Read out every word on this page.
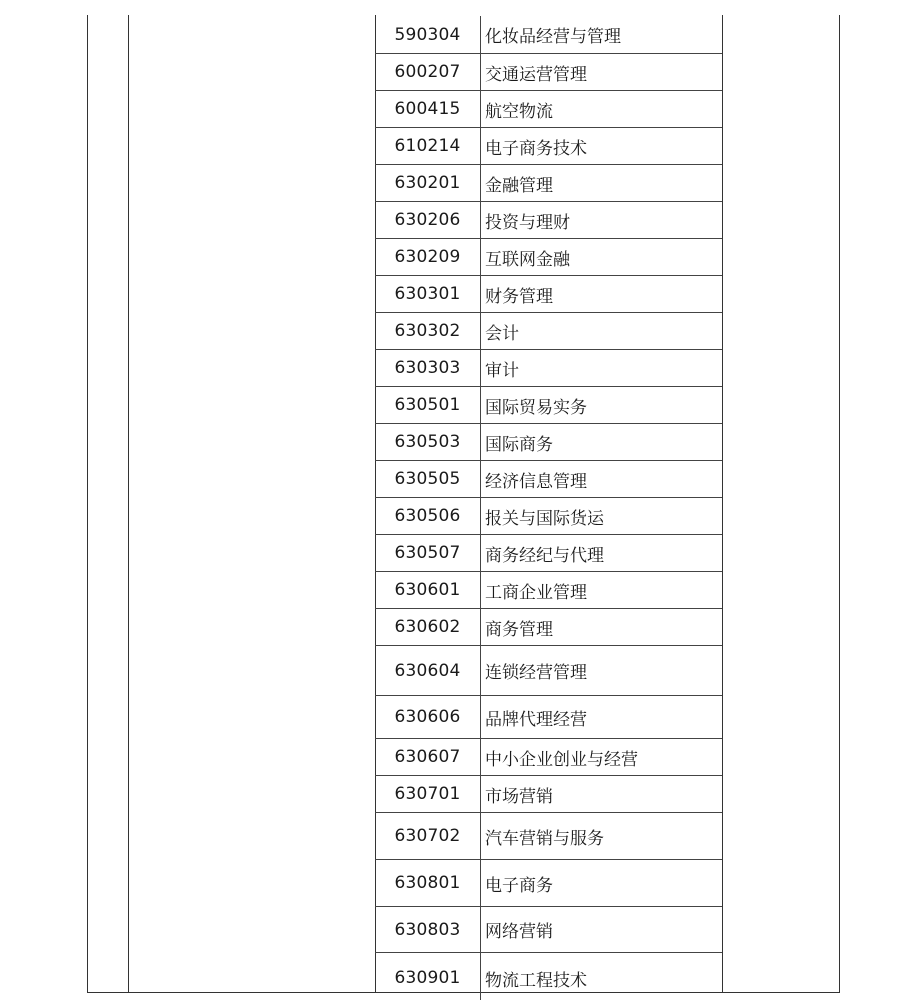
590304	化妆品经营与管理
600207	交通运营管理
600415	航空物流
610214	电子商务技术
630201	金融管理
630206	投资与理财
630209	互联网金融
630301	财务管理
630302	会计
630303	审计
630501	国际贸易实务
630503	国际商务
630505	经济信息管理
630506	报关与国际货运
630507	商务经纪与代理
630601	工商企业管理
630602	商务管理
630604	连锁经营管理
630606	品牌代理经营
630607	中小企业创业与经营
630701	市场营销
630702	汽车营销与服务
630801	电子商务
630803	网络营销
630901	物流工程技术
